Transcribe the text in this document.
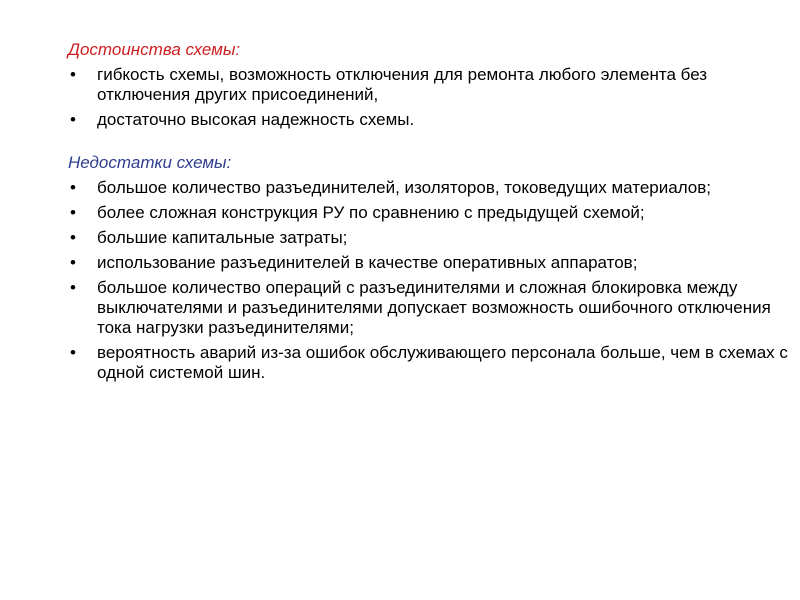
Достоинства схемы:
•	гибкость схемы, возможность отключения для ремонта любого элемента без отключения других присоединений,
•	достаточно высокая надежность схемы.
Недостатки схемы:
•	большое количество разъединителей, изоляторов, токоведущих материалов;
•	более сложная конструкция РУ по сравнению с предыдущей схемой;
•	большие капитальные затраты;
•	использование разъединителей в качестве оперативных аппаратов;
•	большое количество операций с разъединителями и сложная блокировка между выключателями и разъединителями допускает возможность ошибочного отключения тока нагрузки разъединителями;
•	вероятность аварий из-за ошибок обслуживающего персонала больше, чем в схемах с одной системой шин.
